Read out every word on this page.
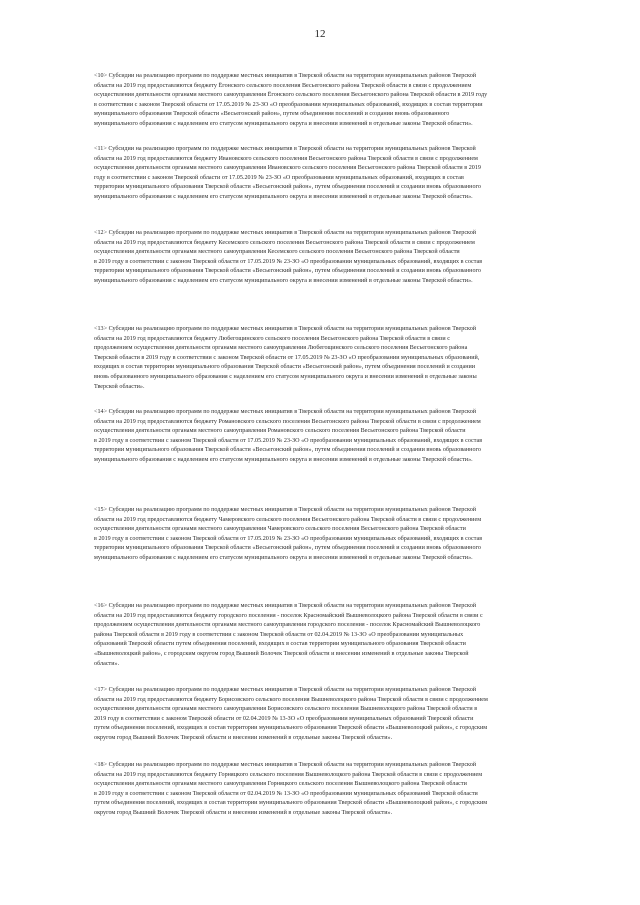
12

<10> Субсидии на реализацию программ по поддержке местных инициатив в Тверской области на территории муниципальных районов Тверской

области на 2019 год предоставляются бюджету Ёгонского сельского поселения Весьегонского района Тверской области в связи с продолжением

осуществления деятельности органами местного самоуправления Ёгонского сельского поселения Весьегонского района Тверской области в 2019 году

в соответствии с законом Тверской области от 17.05.2019 № 23-ЗО «О преобразовании муниципальных образований, входящих в состав территории

муниципального образования Тверской области «Весьегонский район», путем объединения поселений и создании вновь образованного

муниципального образования с наделением его статусом муниципального округа и внесении изменений в отдельные законы Тверской области».

<11> Субсидии на реализацию программ по поддержке местных инициатив в Тверской области на территории муниципальных районов Тверской

области на 2019 год предоставляются бюджету Ивановского сельского поселения Весьегонского района Тверской области в связи с продолжением

осуществления деятельности органами местного самоуправления Ивановского сельского поселения Весьегонского района Тверской области в 2019

году в соответствии с законом Тверской области от 17.05.2019 № 23-ЗО «О преобразовании муниципальных образований, входящих в состав

территории муниципального образования Тверской области «Весьегонский район», путем объединения поселений и создании вновь образованного

муниципального образования с наделением его статусом муниципального округа и внесении изменений в отдельные законы Тверской области».

<12> Субсидии на реализацию программ по поддержке местных инициатив в Тверской области на территории муниципальных районов Тверской

области на 2019 год предоставляются бюджету Кесемского сельского поселения Весьегонского района Тверской области в связи с продолжением

осуществления деятельности органами местного самоуправления Кесемского сельского поселения Весьегонского района Тверской области

в 2019 году в соответствии с законом Тверской области от 17.05.2019 № 23-ЗО «О преобразовании муниципальных образований, входящих в состав

территории муниципального образования Тверской области «Весьегонский район», путем объединения поселений и создании вновь образованного

муниципального образования с наделением его статусом муниципального округа и внесении изменений в отдельные законы Тверской области».

<13> Субсидии на реализацию программ по поддержке местных инициатив в Тверской области на территории муниципальных районов Тверской

области на 2019 год предоставляются бюджету Любегощинского сельского поселения Весьегонского района Тверской области в связи с

продолжением осуществления деятельности органами местного самоуправления Любегощинского сельского поселения Весьегонского района

Тверской области в 2019 году в соответствии с законом Тверской области от 17.05.2019 № 23-ЗО «О преобразовании муниципальных образований,

входящих в состав территории муниципального образования Тверской области «Весьегонский район», путем объединения поселений и создании

вновь образованного муниципального образования с наделением его статусом муниципального округа и внесении изменений в отдельные законы

Тверской области».

<14> Субсидии на реализацию программ по поддержке местных инициатив в Тверской области на территории муниципальных районов Тверской

области на 2019 год предоставляются бюджету Романовского сельского поселения Весьегонского района Тверской области в связи с продолжением

осуществления деятельности органами местного самоуправления Романовского сельского поселения Весьегонского района Тверской области

в 2019 году в соответствии с законом Тверской области от 17.05.2019 № 23-ЗО «О преобразовании муниципальных образований, входящих в состав

территории муниципального образования Тверской области «Весьегонский район», путем объединения поселений и создании вновь образованного

муниципального образования с наделением его статусом муниципального округа и внесении изменений в отдельные законы Тверской области».

<15> Субсидии на реализацию программ по поддержке местных инициатив в Тверской области на территории муниципальных районов Тверской

области на 2019 год предоставляются бюджету Чамеровского сельского поселения Весьегонского района Тверской области в связи с продолжением

осуществления деятельности органами местного самоуправления Чамеровского сельского поселения Весьегонского района Тверской области

в 2019 году в соответствии с законом Тверской области от 17.05.2019 № 23-ЗО «О преобразовании муниципальных образований, входящих в состав

территории муниципального образования Тверской области «Весьегонский район», путем объединения поселений и создании вновь образованного

муниципального образования с наделением его статусом муниципального округа и внесении изменений в отдельные законы Тверской области».

<16> Субсидии на реализацию программ по поддержке местных инициатив в Тверской области на территории муниципальных районов Тверской

области на 2019 год предоставляются бюджету городского поселения - поселок Красномайский Вышневолоцкого района Тверской области в связи с

продолжением осуществления деятельности органами местного самоуправления городского поселения - поселок Красномайский Вышневолоцкого

района Тверской области в 2019 году в соответствии с законом Тверской области от 02.04.2019 № 13-ЗО «О преобразовании муниципальных

образований Тверской области путем объединения поселений, входящих в состав территории муниципального образования Тверской области

«Вышневолоцкий район», с городским округом город Вышний Волочек Тверской области и внесении изменений в отдельные законы Тверской

области».

<17> Субсидии на реализацию программ по поддержке местных инициатив в Тверской области на территории муниципальных районов Тверской

области на 2019 год предоставляются бюджету Борисовского сельского поселения Вышневолоцкого района Тверской области в связи с продолжением

осуществления деятельности органами местного самоуправления Борисовского сельского поселения Вышневолоцкого района Тверской области в

2019 году в соответствии с законом Тверской области от 02.04.2019 № 13-ЗО «О преобразовании муниципальных образований Тверской области

путем объединения поселений, входящих в состав территории муниципального образования Тверской области «Вышневолоцкий район», с городским

округом город Вышний Волочек Тверской области и внесении изменений в отдельные законы Тверской области».

<18> Субсидии на реализацию программ по поддержке местных инициатив в Тверской области на территории муниципальных районов Тверской

области на 2019 год предоставляются бюджету Горняцкого сельского поселения Вышневолоцкого района Тверской области в связи с продолжением

осуществления деятельности органами местного самоуправления Горняцкого сельского поселения Вышневолоцкого района Тверской области

в 2019 году в соответствии с законом Тверской области от 02.04.2019 № 13-ЗО «О преобразовании муниципальных образований Тверской области

путем объединения поселений, входящих в состав территории муниципального образования Тверской области «Вышневолоцкий район», с городским

округом город Вышний Волочек Тверской области и внесении изменений в отдельные законы Тверской области».
